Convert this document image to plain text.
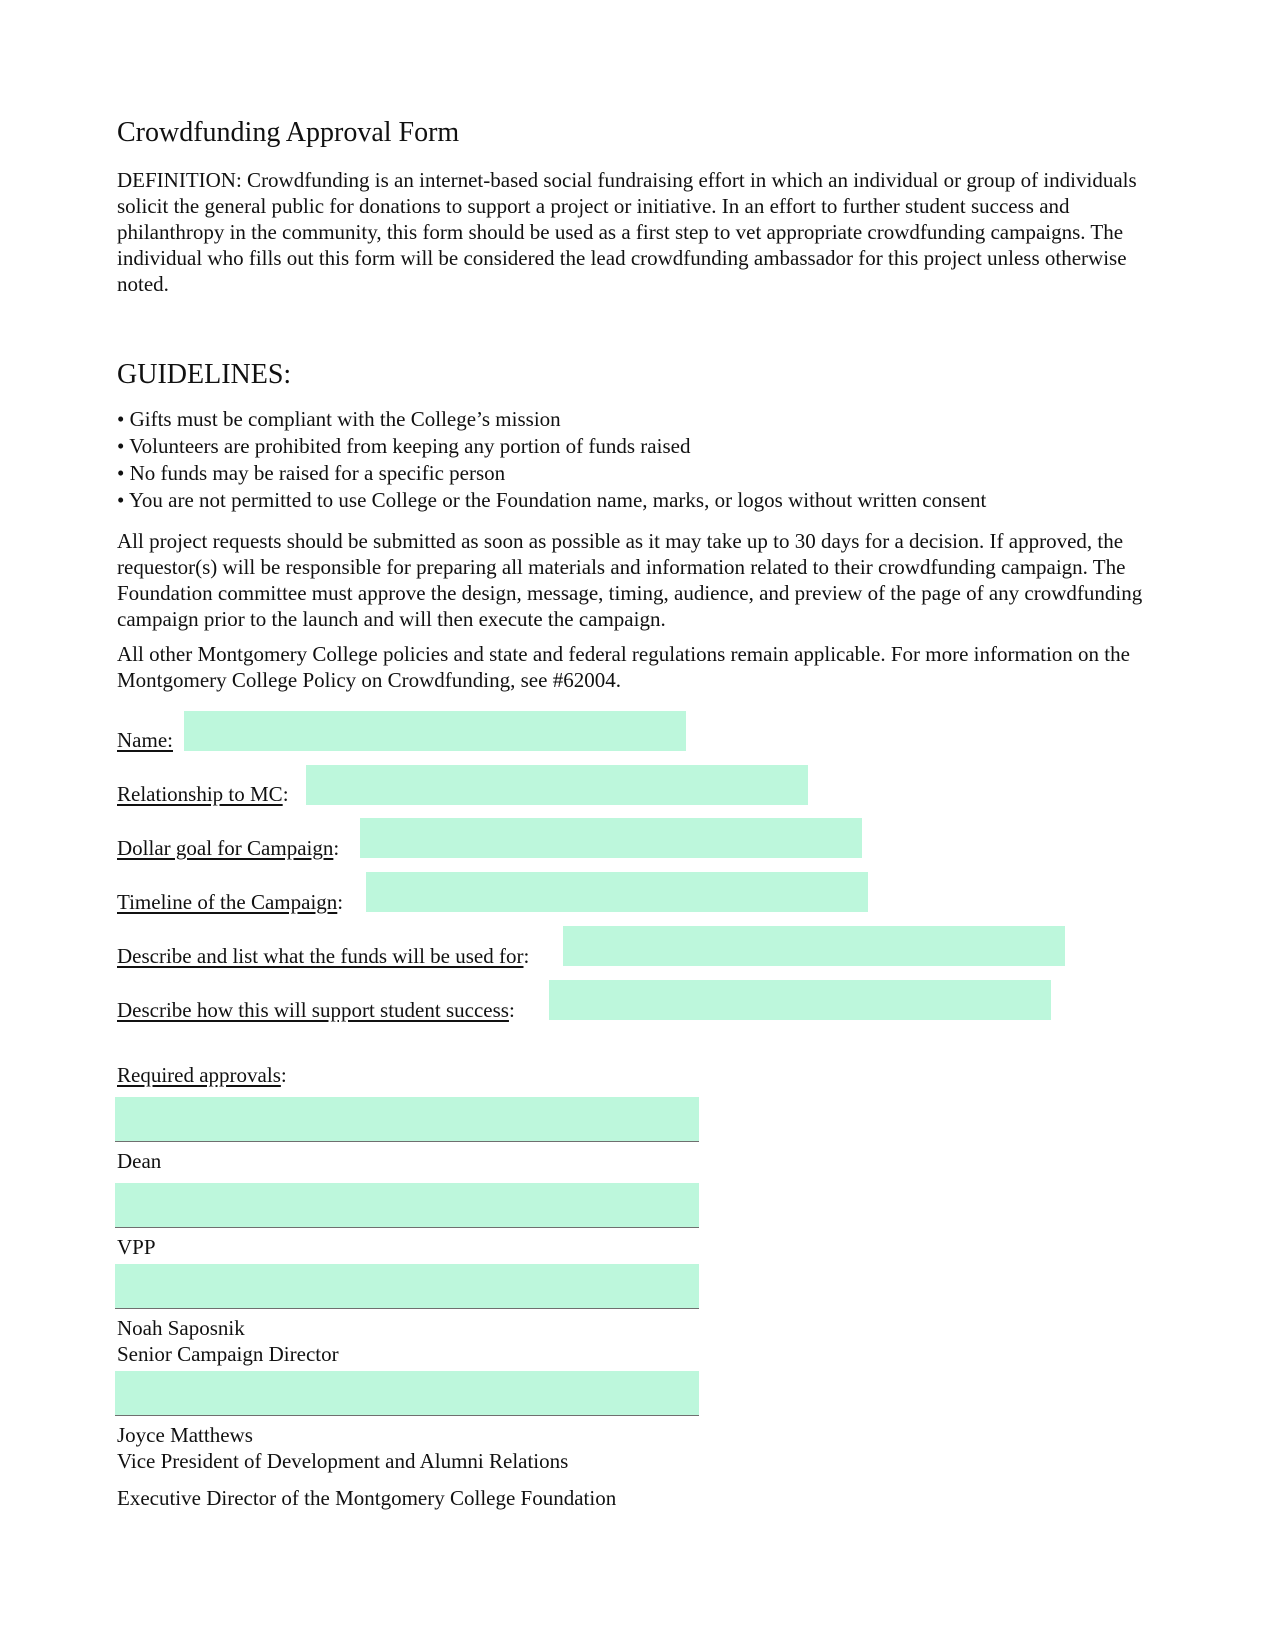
Crowdfunding Approval Form
DEFINITION: Crowdfunding is an internet-based social fundraising effort in which an individual or group of individuals solicit the general public for donations to support a project or initiative. In an effort to further student success and philanthropy in the community, this form should be used as a first step to vet appropriate crowdfunding campaigns. The individual who fills out this form will be considered the lead crowdfunding ambassador for this project unless otherwise noted.
GUIDELINES:
• Gifts must be compliant with the College’s mission
• Volunteers are prohibited from keeping any portion of funds raised
• No funds may be raised for a specific person
• You are not permitted to use College or the Foundation name, marks, or logos without written consent
All project requests should be submitted as soon as possible as it may take up to 30 days for a decision. If approved, the requestor(s) will be responsible for preparing all materials and information related to their crowdfunding campaign. The Foundation committee must approve the design, message, timing, audience, and preview of the page of any crowdfunding campaign prior to the launch and will then execute the campaign.
All other Montgomery College policies and state and federal regulations remain applicable. For more information on the Montgomery College Policy on Crowdfunding, see #62004.
Name:
Relationship to MC:
Dollar goal for Campaign:
Timeline of the Campaign:
Describe and list what the funds will be used for:
Describe how this will support student success:
Required approvals:
Dean
VPP
Noah Saposnik
Senior Campaign Director
Joyce Matthews
Vice President of Development and Alumni Relations
Executive Director of the Montgomery College Foundation
